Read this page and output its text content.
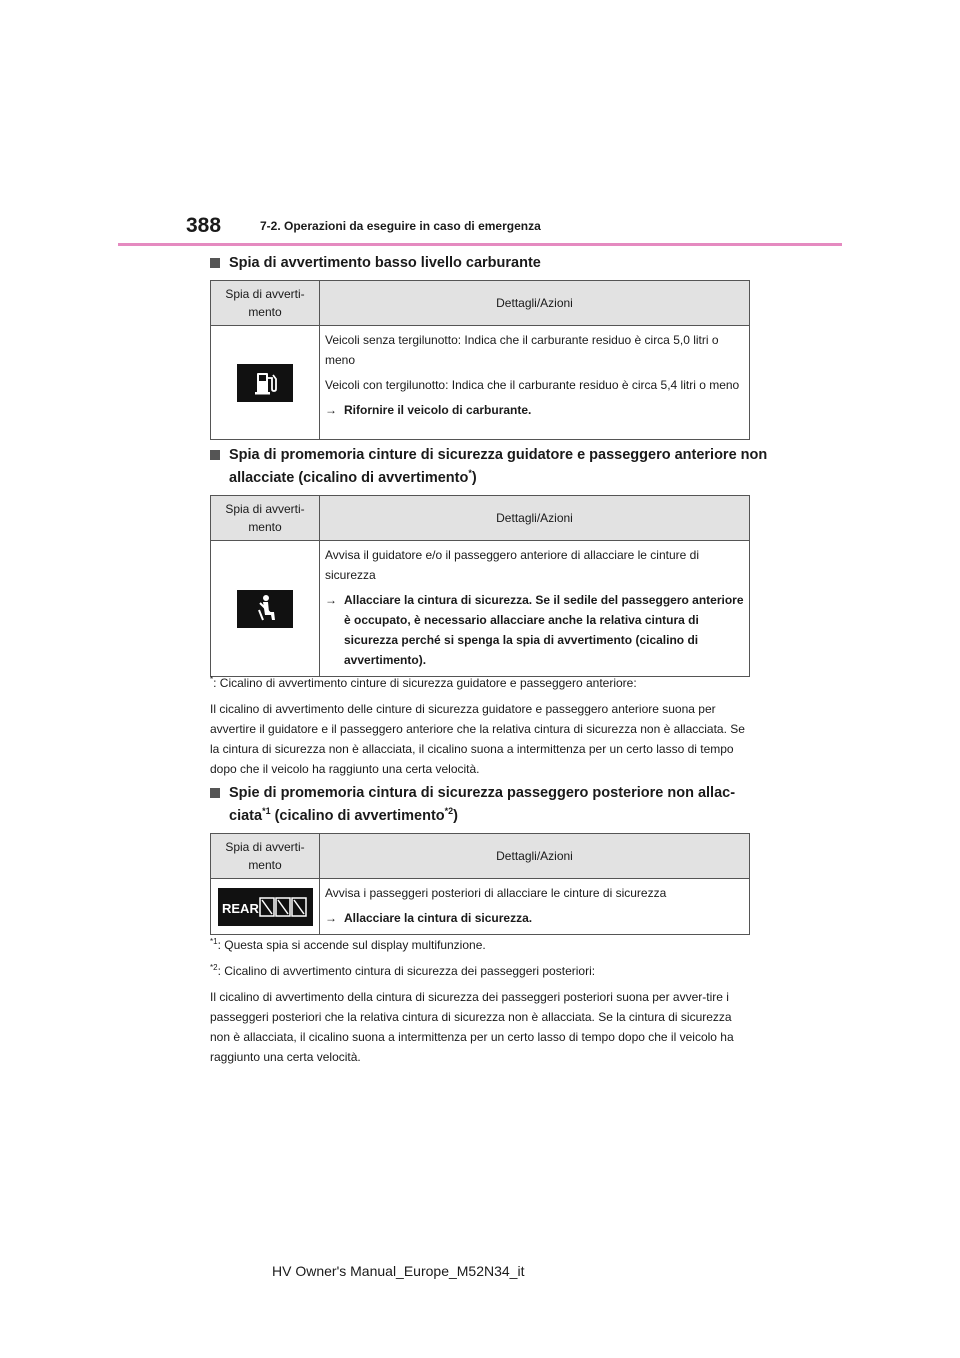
388	7-2. Operazioni da eseguire in caso di emergenza
Spia di avvertimento basso livello carburante
Spia di avverti-mento	Dettagli/Azioni

Veicoli senza tergilunotto: Indica che il carburante residuo è circa 5,0 litri o meno

Veicoli con tergilunotto: Indica che il carburante residuo è circa 5,4 litri o meno

→ Rifornire il veicolo di carburante.

Spia di promemoria cinture di sicurezza guidatore e passeggero anteriore non allacciate (cicalino di avvertimento*)
Spia di avverti-mento	Dettagli/Azioni

Avvisa il guidatore e/o il passeggero anteriore di allacciare le cinture di sicurezza

→ Allacciare la cintura di sicurezza. Se il sedile del passeggero anteriore è occupato, è necessario allacciare anche la relativa cintura di sicurezza perché si spenga la spia di avvertimento (cicalino di avvertimento).

*: Cicalino di avvertimento cinture di sicurezza guidatore e passeggero anteriore:
Il cicalino di avvertimento delle cinture di sicurezza guidatore e passeggero anteriore suona per avvertire il guidatore e il passeggero anteriore che la relativa cintura di sicurezza non è allacciata. Se la cintura di sicurezza non è allacciata, il cicalino suona a intermittenza per un certo lasso di tempo dopo che il veicolo ha raggiunto una certa velocità.
Spie di promemoria cintura di sicurezza passeggero posteriore non allac-ciata$^{*1}$ (cicalino di avvertimento$^{*2}$)
Spia di avverti-mento	Dettagli/Azioni

REAR	Avvisa i passeggeri posteriori di allacciare le cinture di sicurezza

→ Allacciare la cintura di sicurezza.

$^{*1}$: Questa spia si accende sul display multifunzione.
$^{*2}$: Cicalino di avvertimento cintura di sicurezza dei passeggeri posteriori:
Il cicalino di avvertimento della cintura di sicurezza dei passeggeri posteriori suona per avver-tire i passeggeri posteriori che la relativa cintura di sicurezza non è allacciata. Se la cintura di sicurezza non è allacciata, il cicalino suona a intermittenza per un certo lasso di tempo dopo che il veicolo ha raggiunto una certa velocità.
HV Owner's Manual_Europe_M52N34_it
